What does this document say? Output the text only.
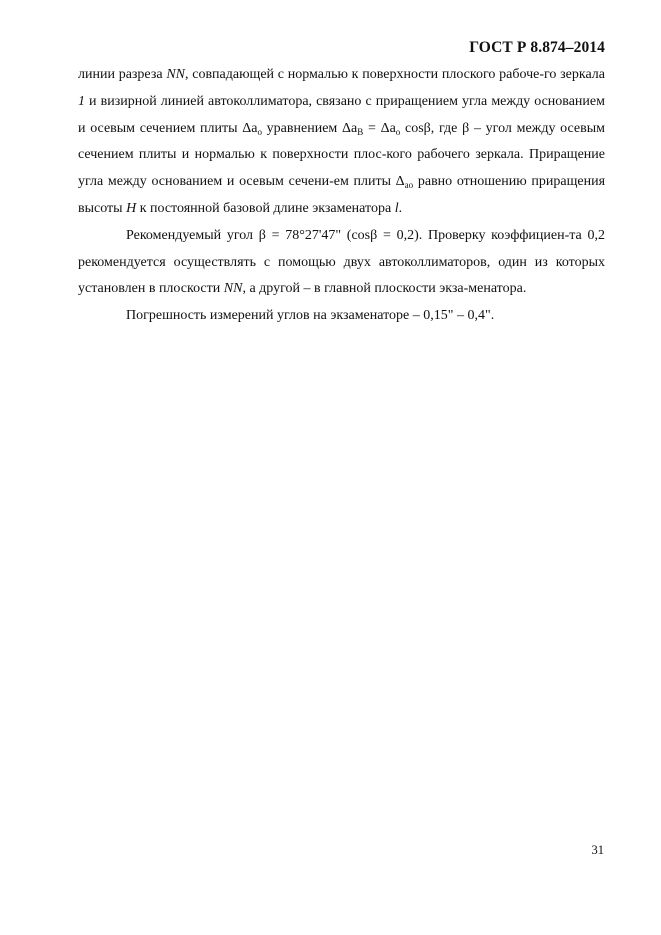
ГОСТ Р 8.874–2014

линии разреза NN, совпадающей с нормалью к поверхности плоского рабоче-го зеркала 1 и визирной линией автоколлиматора, связано с приращением угла между основанием и осевым сечением плиты $\Delta а_о$ уравнением $\Delta а_В = \Delta а_о$ cosβ, где β – угол между осевым сечением плиты и нормалью к поверхности плос-кого рабочего зеркала. Приращение угла между основанием и осевым сечени-ем плиты $\Delta_{ао}$ равно отношению приращения высоты H к постоянной базовой длине экзаменатора l.

Рекомендуемый угол β = 78°27'47" (cosβ = 0,2). Проверку коэффициен-та 0,2 рекомендуется осуществлять с помощью двух автоколлиматоров, один из которых установлен в плоскости NN, а другой – в главной плоскости экза-менатора.

Погрешность измерений углов на экзаменаторе – 0,15" – 0,4".

31
